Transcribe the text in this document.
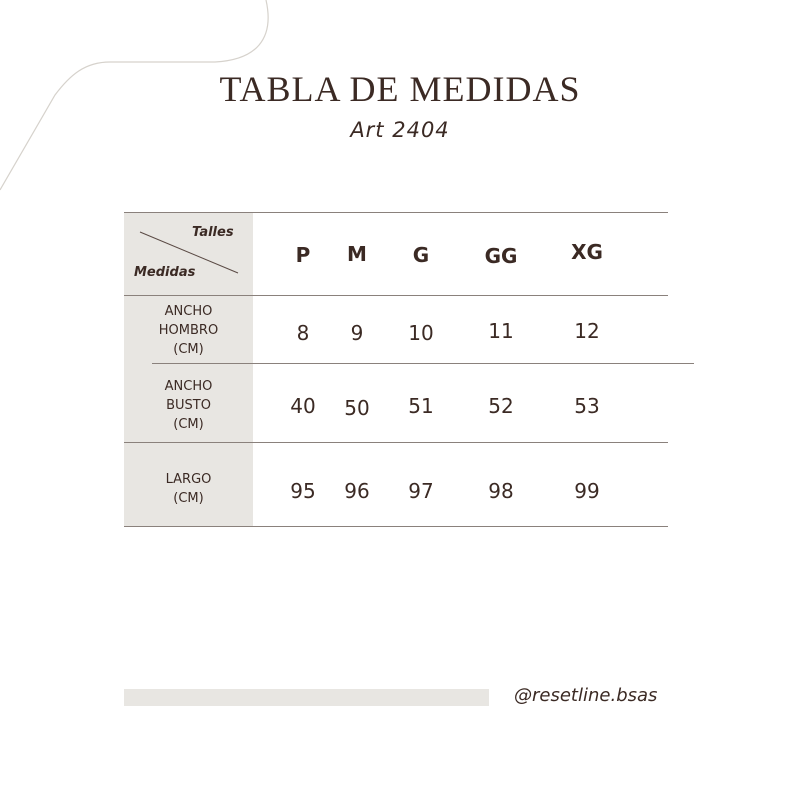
TABLA DE MEDIDAS
Art 2404
Talles
Medidas
P	M	G	GG	XG
ANCHO
HOMBRO
(CM)
8	9	10	11	12
ANCHO
BUSTO
(CM)
40	50	51	52	53
LARGO
(CM)	95	96	97	98	99
@resetline.bsas
